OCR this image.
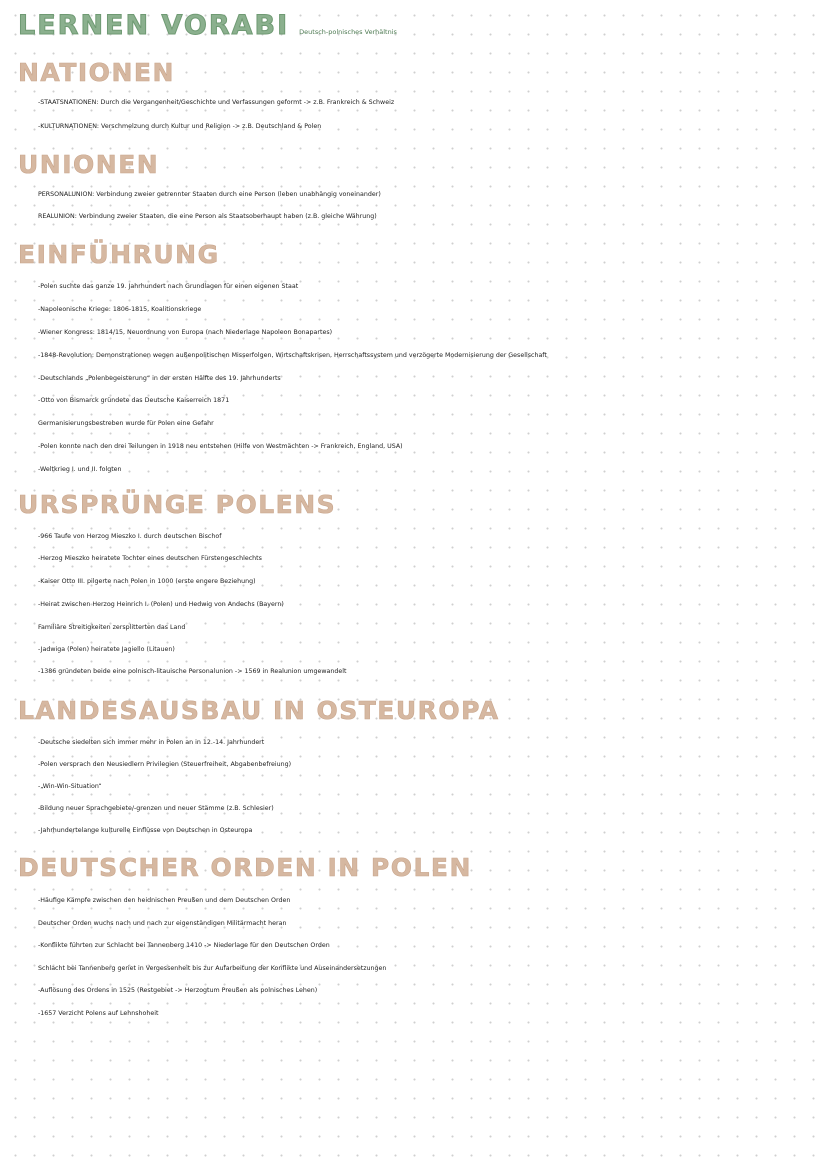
LERNEN VORABI Deutsch-polnisches Verhältnis
NATIONEN
-STAATSNATIONEN: Durch die Vergangenheit/Geschichte und Verfassungen geformt -> z.B. Frankreich & Schweiz
-KULTURNATIONEN: Verschmelzung durch Kultur und Religion -> z.B. Deutschland & Polen
UNIONEN
PERSONALUNION: Verbindung zweier getrennter Staaten durch eine Person (leben unabhängig voneinander)
REALUNION: Verbindung zweier Staaten, die eine Person als Staatsoberhaupt haben (z.B. gleiche Währung)
EINFÜHRUNG
-Polen suchte das ganze 19. Jahrhundert nach Grundlagen für einen eigenen Staat
-Napoleonische Kriege: 1806-1815, Koalitionskriege
-Wiener Kongress: 1814/15, Neuordnung von Europa (nach Niederlage Napoleon Bonapartes)
-1848-Revolution: Demonstrationen wegen außenpolitischen Misserfolgen, Wirtschaftskrisen, Herrschaftssystem und verzögerte Modernisierung der Gesellschaft
-Deutschlands „Polenbegeisterung“ in der ersten Hälfte des 19. Jahrhunderts
-Otto von Bismarck gründete das Deutsche Kaiserreich 1871
Germanisierungsbestreben wurde für Polen eine Gefahr
-Polen konnte nach den drei Teilungen in 1918 neu entstehen (Hilfe von Westmächten -> Frankreich, England, USA)
-Weltkrieg I. und II. folgten
URSPRÜNGE POLENS
-966 Taufe von Herzog Mieszko I. durch deutschen Bischof
-Herzog Mieszko heiratete Tochter eines deutschen Fürstengeschlechts
-Kaiser Otto III. pilgerte nach Polen in 1000 (erste engere Beziehung)
-Heirat zwischen Herzog Heinrich I. (Polen) und Hedwig von Andechs (Bayern)
Familiäre Streitigkeiten zersplitterten das Land
-Jadwiga (Polen) heiratete Jagiello (Litauen)
-1386 gründeten beide eine polnisch-litauische Personalunion -> 1569 in Realunion umgewandelt
LANDESAUSBAU IN OSTEUROPA
-Deutsche siedelten sich immer mehr in Polen an in 12.-14. Jahrhundert
-Polen versprach den Neusiedlern Privilegien (Steuerfreiheit, Abgabenbefreiung)
-„Win-Win-Situation“
-Bildung neuer Sprachgebiete/-grenzen und neuer Stämme (z.B. Schlesier)
-Jahrhundertelange kulturelle Einflüsse von Deutschen in Osteuropa
DEUTSCHER ORDEN IN POLEN
-Häufige Kämpfe zwischen den heidnischen Preußen und dem Deutschen Orden
Deutscher Orden wuchs nach und nach zur eigenständigen Militärmacht heran
-Konflikte führten zur Schlacht bei Tannenberg 1410 -> Niederlage für den Deutschen Orden
Schlacht bei Tannenberg geriet in Vergessenheit bis zur Aufarbeitung der Konflikte und Auseinandersetzungen
-Auflösung des Ordens in 1525 (Restgebiet -> Herzogtum Preußen als polnisches Lehen)
-1657 Verzicht Polens auf Lehnshoheit
